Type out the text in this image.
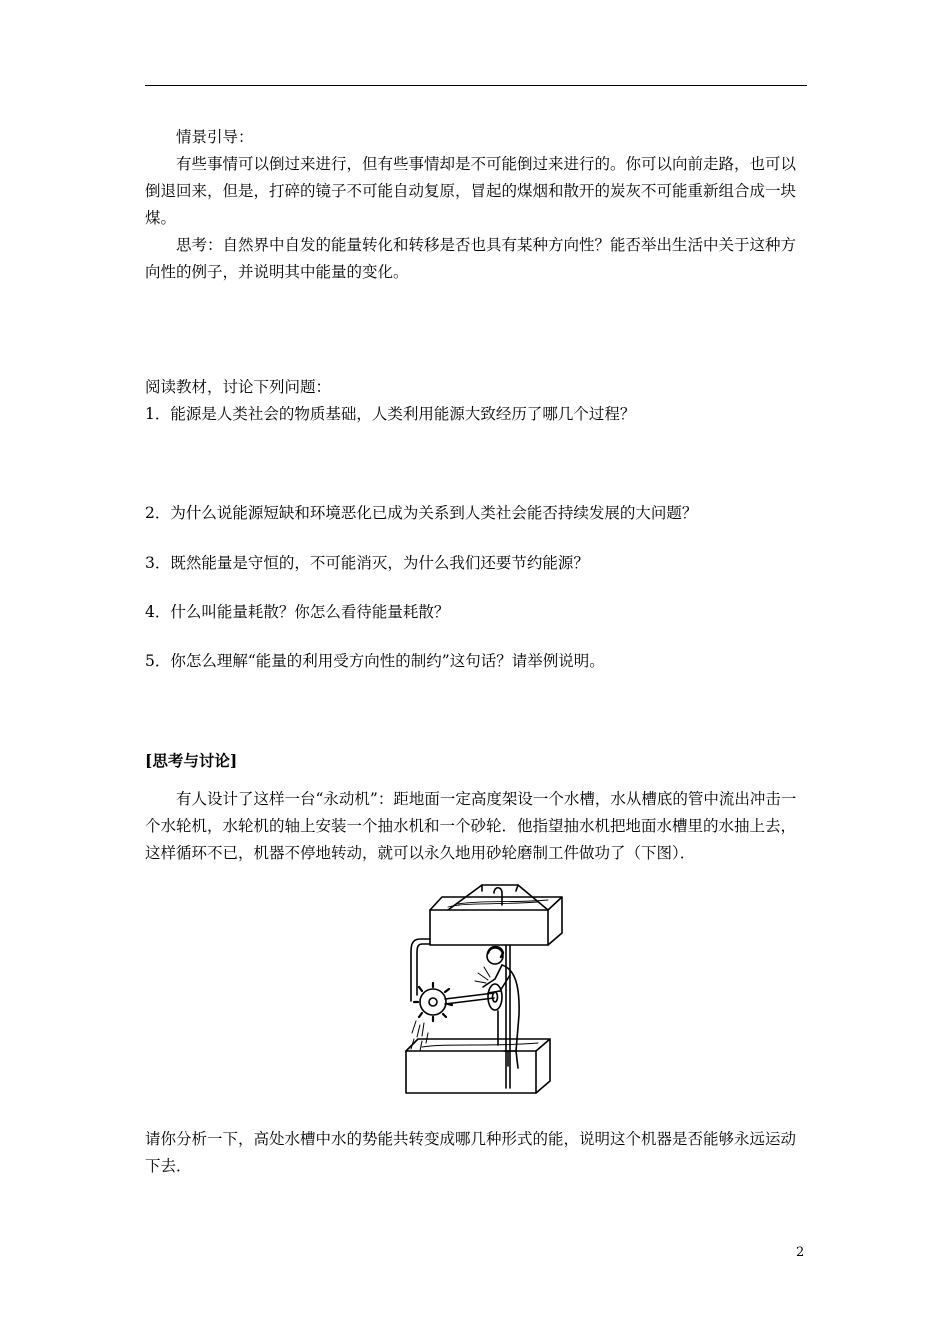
情景引导：
有些事情可以倒过来进行，但有些事情却是不可能倒过来进行的。你可以向前走路，也可以倒退回来，但是，打碎的镜子不可能自动复原，冒起的煤烟和散开的炭灰不可能重新组合成一块煤。
思考：自然界中自发的能量转化和转移是否也具有某种方向性？能否举出生活中关于这种方向性的例子，并说明其中能量的变化。
阅读教材，讨论下列问题：
1．能源是人类社会的物质基础，人类利用能源大致经历了哪几个过程？
2．为什么说能源短缺和环境恶化已成为关系到人类社会能否持续发展的大问题？
3．既然能量是守恒的，不可能消灭，为什么我们还要节约能源？
4．什么叫能量耗散？你怎么看待能量耗散？
5．你怎么理解“能量的利用受方向性的制约”这句话？请举例说明。
[思考与讨论]
有人设计了这样一台“永动机”：距地面一定高度架设一个水槽，水从槽底的管中流出冲击一个水轮机，水轮机的轴上安装一个抽水机和一个砂轮．他指望抽水机把地面水槽里的水抽上去，这样循环不已，机器不停地转动，就可以永久地用砂轮磨制工件做功了（下图）．
请你分析一下，高处水槽中水的势能共转变成哪几种形式的能，说明这个机器是否能够永远运动下去．
2
